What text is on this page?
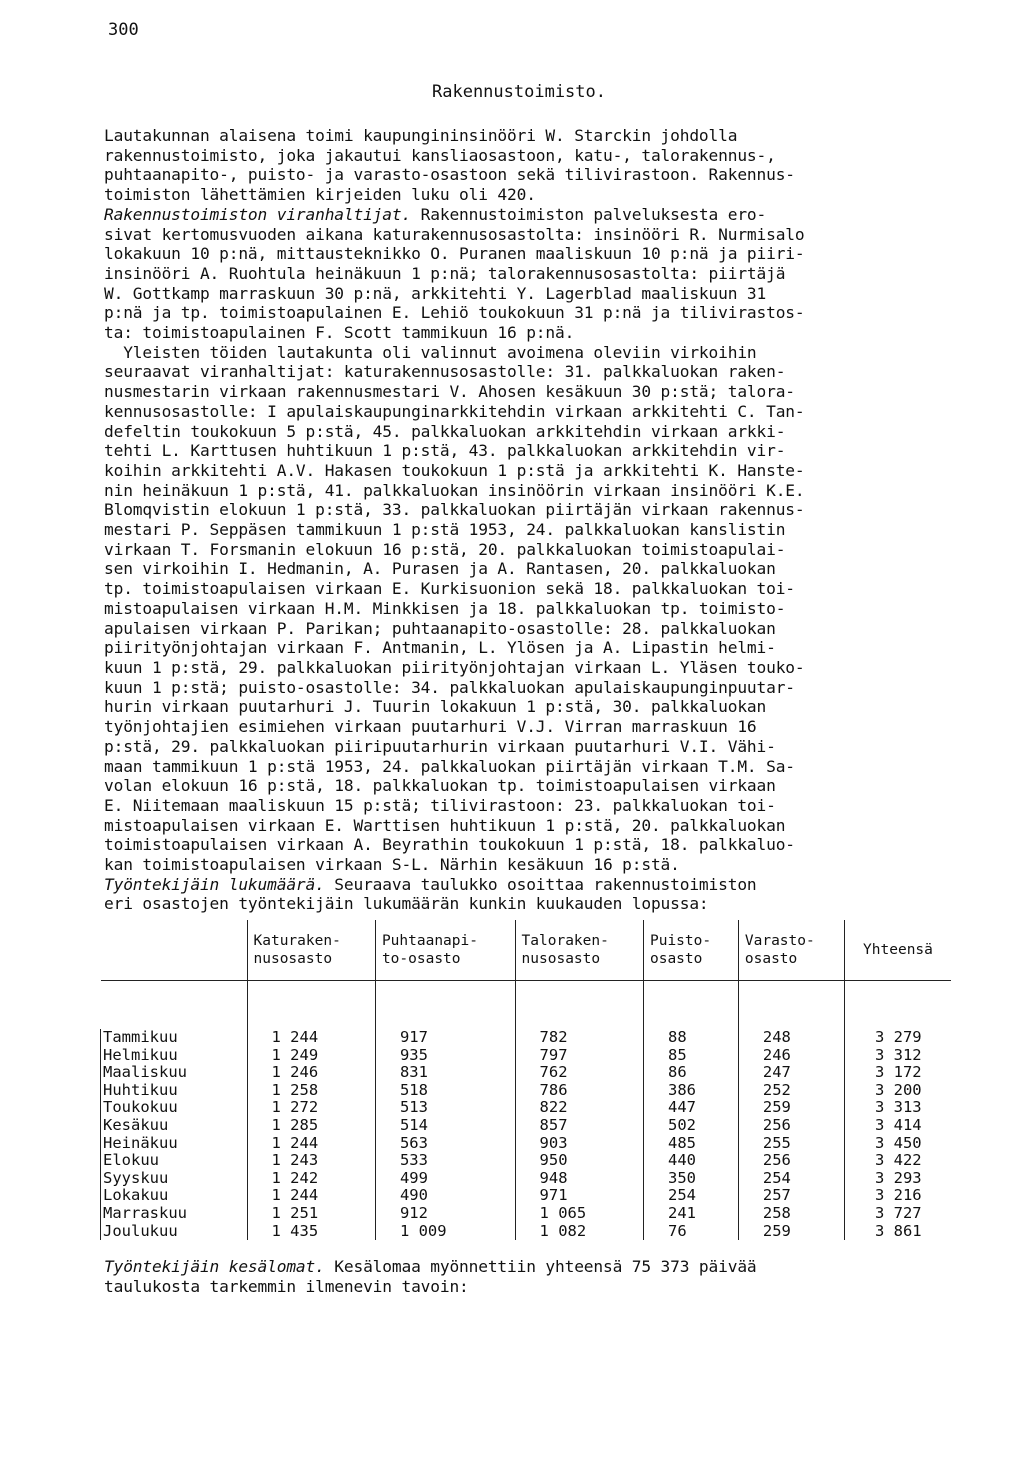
300
Rakennustoimisto.
Lautakunnan alaisena toimi kaupungininsinööri W. Starckin johdolla
rakennustoimisto, joka jakautui kansliaosastoon, katu-, talorakennus-,
puhtaanapito-, puisto- ja varasto-osastoon sekä tilivirastoon. Rakennus-
toimiston lähettämien kirjeiden luku oli 420.
Rakennustoimiston viranhaltijat. Rakennustoimiston palveluksesta ero-
sivat kertomusvuoden aikana katurakennusosastolta: insinööri R. Nurmisalo
lokakuun 10 p:nä, mittausteknikko O. Puranen maaliskuun 10 p:nä ja piiri-
insinööri A. Ruohtula heinäkuun 1 p:nä; talorakennusosastolta: piirtäjä
W. Gottkamp marraskuun 30 p:nä, arkkitehti Y. Lagerblad maaliskuun 31
p:nä ja tp. toimistoapulainen E. Lehiö toukokuun 31 p:nä ja tilivirastos-
ta: toimistoapulainen F. Scott tammikuun 16 p:nä.
Yleisten töiden lautakunta oli valinnut avoimena oleviin virkoihin
seuraavat viranhaltijat: katurakennusosastolle: 31. palkkaluokan raken-
nusmestarin virkaan rakennusmestari V. Ahosen kesäkuun 30 p:stä; talora-
kennusosastolle: I apulaiskaupunginarkkitehdin virkaan arkkitehti C. Tan-
defeltin toukokuun 5 p:stä, 45. palkkaluokan arkkitehdin virkaan arkki-
tehti L. Karttusen huhtikuun 1 p:stä, 43. palkkaluokan arkkitehdin vir-
koihin arkkitehti A.V. Hakasen toukokuun 1 p:stä ja arkkitehti K. Hanste-
nin heinäkuun 1 p:stä, 41. palkkaluokan insinöörin virkaan insinööri K.E.
Blomqvistin elokuun 1 p:stä, 33. palkkaluokan piirtäjän virkaan rakennus-
mestari P. Seppäsen tammikuun 1 p:stä 1953, 24. palkkaluokan kanslistin
virkaan T. Forsmanin elokuun 16 p:stä, 20. palkkaluokan toimistoapulai-
sen virkoihin I. Hedmanin, A. Purasen ja A. Rantasen, 20. palkkaluokan
tp. toimistoapulaisen virkaan E. Kurkisuonion sekä 18. palkkaluokan toi-
mistoapulaisen virkaan H.M. Minkkisen ja 18. palkkaluokan tp. toimisto-
apulaisen virkaan P. Parikan; puhtaanapito-osastolle: 28. palkkaluokan
piirityönjohtajan virkaan F. Antmanin, L. Ylösen ja A. Lipastin helmi-
kuun 1 p:stä, 29. palkkaluokan piirityönjohtajan virkaan L. Yläsen touko-
kuun 1 p:stä; puisto-osastolle: 34. palkkaluokan apulaiskaupunginpuutar-
hurin virkaan puutarhuri J. Tuurin lokakuun 1 p:stä, 30. palkkaluokan
työnjohtajien esimiehen virkaan puutarhuri V.J. Virran marraskuun 16
p:stä, 29. palkkaluokan piiripuutarhurin virkaan puutarhuri V.I. Vähi-
maan tammikuun 1 p:stä 1953, 24. palkkaluokan piirtäjän virkaan T.M. Sa-
volan elokuun 16 p:stä, 18. palkkaluokan tp. toimistoapulaisen virkaan
E. Niitemaan maaliskuun 15 p:stä; tilivirastoon: 23. palkkaluokan toi-
mistoapulaisen virkaan E. Warttisen huhtikuun 1 p:stä, 20. palkkaluokan
toimistoapulaisen virkaan A. Beyrathin toukokuun 1 p:stä, 18. palkkaluo-
kan toimistoapulaisen virkaan S-L. Närhin kesäkuun 16 p:stä.
Työntekijäin lukumäärä. Seuraava taulukko osoittaa rakennustoimiston
eri osastojen työntekijäin lukumäärän kunkin kuukauden lopussa:
	Katuraken-
nusosasto	Puhtaanapi-
to-osasto	Taloraken-
nusosasto	Puisto-
osasto	Varasto-
osasto	Yhteensä

Tammikuu	1 244	917	782	88	248	3 279
Helmikuu	1 249	935	797	85	246	3 312
Maaliskuu	1 246	831	762	86	247	3 172
Huhtikuu	1 258	518	786	386	252	3 200
Toukokuu	1 272	513	822	447	259	3 313
Kesäkuu	1 285	514	857	502	256	3 414
Heinäkuu	1 244	563	903	485	255	3 450
Elokuu	1 243	533	950	440	256	3 422
Syyskuu	1 242	499	948	350	254	3 293
Lokakuu	1 244	490	971	254	257	3 216
Marraskuu	1 251	912	1 065	241	258	3 727
Joulukuu	1 435	1 009	1 082	76	259	3 861
Työntekijäin kesälomat. Kesälomaa myönnettiin yhteensä 75 373 päivää
taulukosta tarkemmin ilmenevin tavoin:
